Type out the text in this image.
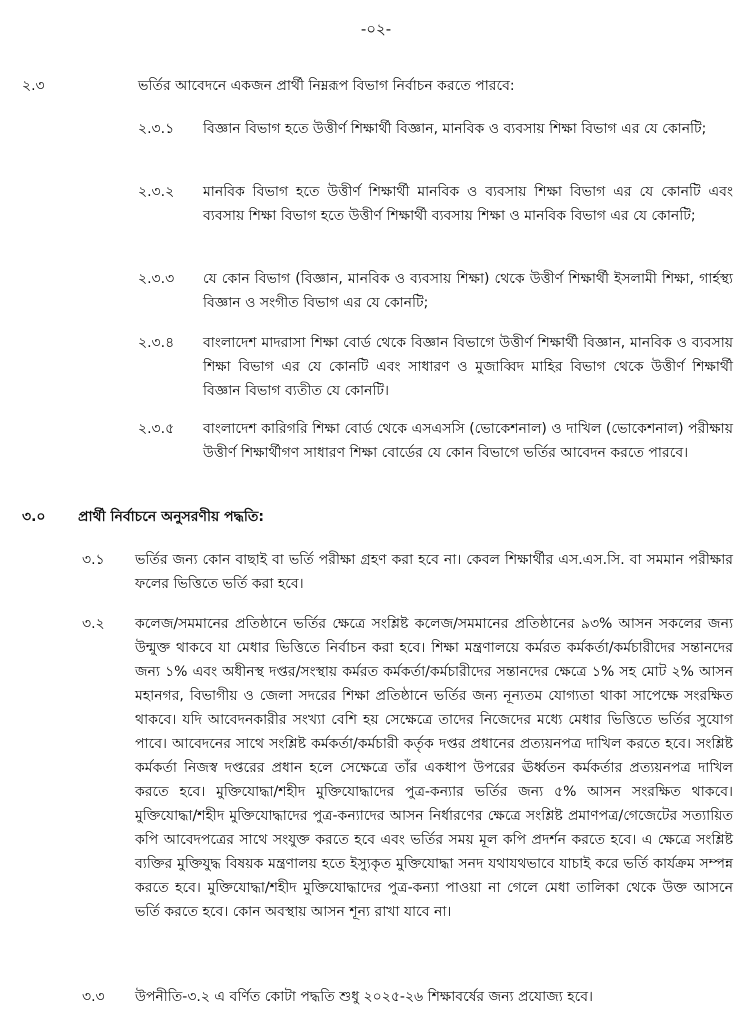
-০২-
২.৩	ভর্তির আবেদনে একজন প্রার্থী নিম্নরূপ বিভাগ নির্বাচন করতে পারবে:
২.৩.১ বিজ্ঞান বিভাগ হতে উত্তীর্ণ শিক্ষার্থী বিজ্ঞান, মানবিক ও ব্যবসায় শিক্ষা বিভাগ এর যে কোনটি;
২.৩.২ মানবিক বিভাগ হতে উত্তীর্ণ শিক্ষার্থী মানবিক ও ব্যবসায় শিক্ষা বিভাগ এর যে কোনটি এবং ব্যবসায় শিক্ষা বিভাগ হতে উত্তীর্ণ শিক্ষার্থী ব্যবসায় শিক্ষা ও মানবিক বিভাগ এর যে কোনটি;
২.৩.৩ যে কোন বিভাগ (বিজ্ঞান, মানবিক ও ব্যবসায় শিক্ষা) থেকে উত্তীর্ণ শিক্ষার্থী ইসলামী শিক্ষা, গার্হস্থ্য বিজ্ঞান ও সংগীত বিভাগ এর যে কোনটি;
২.৩.৪ বাংলাদেশ মাদরাসা শিক্ষা বোর্ড থেকে বিজ্ঞান বিভাগে উত্তীর্ণ শিক্ষার্থী বিজ্ঞান, মানবিক ও ব্যবসায় শিক্ষা বিভাগ এর যে কোনটি এবং সাধারণ ও মুজাব্বিদ মাহির বিভাগ থেকে উত্তীর্ণ শিক্ষার্থী বিজ্ঞান বিভাগ ব্যতীত যে কোনটি।
২.৩.৫ বাংলাদেশ কারিগরি শিক্ষা বোর্ড থেকে এসএসসি (ভোকেশনাল) ও দাখিল (ভোকেশনাল) পরীক্ষায় উত্তীর্ণ শিক্ষার্থীগণ সাধারণ শিক্ষা বোর্ডের যে কোন বিভাগে ভর্তির আবেদন করতে পারবে।
৩.০ প্রার্থী নির্বাচনে অনুসরণীয় পদ্ধতি:
৩.১ ভর্তির জন্য কোন বাছাই বা ভর্তি পরীক্ষা গ্রহণ করা হবে না। কেবল শিক্ষার্থীর এস.এস.সি. বা সমমান পরীক্ষার ফলের ভিত্তিতে ভর্তি করা হবে।
৩.২ কলেজ/সমমানের প্রতিষ্ঠানে ভর্তির ক্ষেত্রে সংশ্লিষ্ট কলেজ/সমমানের প্রতিষ্ঠানের ৯৩% আসন সকলের জন্য উন্মুক্ত থাকবে যা মেধার ভিত্তিতে নির্বাচন করা হবে। শিক্ষা মন্ত্রণালয়ে কর্মরত কর্মকর্তা/কর্মচারীদের সন্তানদের জন্য ১% এবং অধীনস্থ দপ্তর/সংস্থায় কর্মরত কর্মকর্তা/কর্মচারীদের সন্তানদের ক্ষেত্রে ১% সহ মোট ২% আসন মহানগর, বিভাগীয় ও জেলা সদরের শিক্ষা প্রতিষ্ঠানে ভর্তির জন্য নূন্যতম যোগ্যতা থাকা সাপেক্ষে সংরক্ষিত থাকবে। যদি আবেদনকারীর সংখ্যা বেশি হয় সেক্ষেত্রে তাদের নিজেদের মধ্যে মেধার ভিত্তিতে ভর্তির সুযোগ পাবে। আবেদনের সাথে সংশ্লিষ্ট কর্মকর্তা/কর্মচারী কর্তৃক দপ্তর প্রধানের প্রত্যয়নপত্র দাখিল করতে হবে। সংশ্লিষ্ট কর্মকর্তা নিজস্ব দপ্তরের প্রধান হলে সেক্ষেত্রে তাঁর একধাপ উপরের ঊর্ধ্বতন কর্মকর্তার প্রত্যয়নপত্র দাখিল করতে হবে। মুক্তিযোদ্ধা/শহীদ মুক্তিযোদ্ধাদের পুত্র-কন্যার ভর্তির জন্য ৫% আসন সংরক্ষিত থাকবে। মুক্তিযোদ্ধা/শহীদ মুক্তিযোদ্ধাদের পুত্র-কন্যাদের আসন নির্ধারণের ক্ষেত্রে সংশ্লিষ্ট প্রমাণপত্র/গেজেটের সত্যায়িত কপি আবেদপত্রের সাথে সংযুক্ত করতে হবে এবং ভর্তির সময় মূল কপি প্রদর্শন করতে হবে। এ ক্ষেত্রে সংশ্লিষ্ট ব্যক্তির মুক্তিযুদ্ধ বিষয়ক মন্ত্রণালয় হতে ইস্যুকৃত মুক্তিযোদ্ধা সনদ যথাযথভাবে যাচাই করে ভর্তি কার্যক্রম সম্পন্ন করতে হবে। মুক্তিযোদ্ধা/শহীদ মুক্তিযোদ্ধাদের পুত্র-কন্যা পাওয়া না গেলে মেধা তালিকা থেকে উক্ত আসনে ভর্তি করতে হবে। কোন অবস্থায় আসন শূন্য রাখা যাবে না।
৩.৩ উপনীতি-৩.২ এ বর্ণিত কোটা পদ্ধতি শুধু ২০২৫-২৬ শিক্ষাবর্ষের জন্য প্রযোজ্য হবে।
